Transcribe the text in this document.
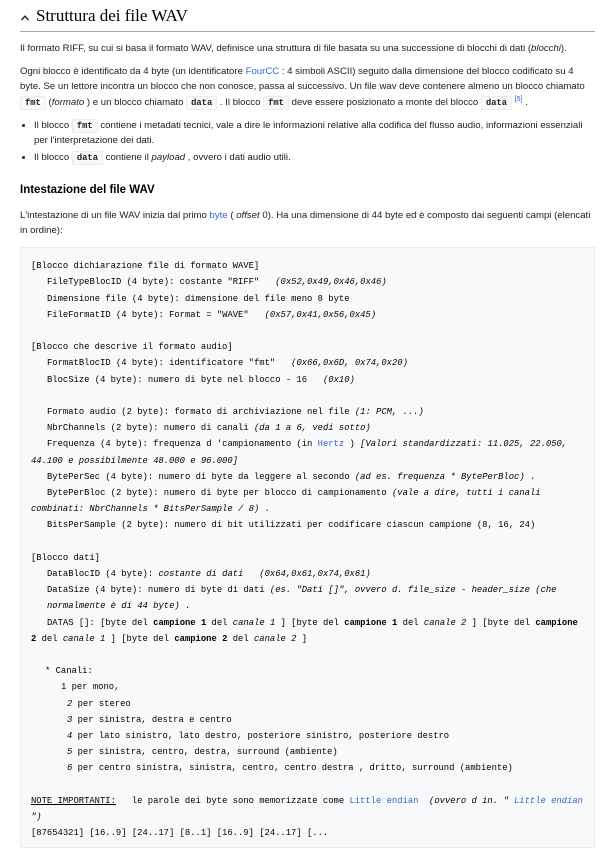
Struttura dei file WAV

Il formato RIFF, su cui si basa il formato WAV, definisce una struttura di file basata su una successione di blocchi di dati (blocchi).

Ogni blocco è identificato da 4 byte (un identificatore FourCC : 4 simboli ASCII) seguito dalla dimensione del blocco codificato su 4 byte. Se un lettore incontra un blocco che non conosce, passa al successivo. Un file wav deve contenere almeno un blocco chiamato fmt (formato ) e un blocco chiamato data . Il blocco fmt deve essere posizionato a monte del blocco data [5] .

• Il blocco fmt contiene i metadati tecnici, vale a dire le informazioni relative alla codifica del flusso audio, informazioni essenziali per l'interpretazione dei dati.
• Il blocco data contiene il payload , ovvero i dati audio utili.
Intestazione del file WAV

L'intestazione di un file WAV inizia dal primo byte ( offset 0). Ha una dimensione di 44 byte ed è composto dai seguenti campi (elencati in ordine):

[Blocco dichiarazione file di formato WAVE]
FileTypeBlocID (4 byte): costante "RIFF"   (0x52,0x49,0x46,0x46)
Dimensione file (4 byte): dimensione del file meno 8 byte
FileFormatID (4 byte): Format = "WAVE"   (0x57,0x41,0x56,0x45)
[Blocco che descrive il formato audio]
FormatBlocID (4 byte): identificatore "fmt"   (0x66,0x6D, 0x74,0x20)
BlocSize (4 byte): numero di byte nel blocco - 16   (0x10)
Formato audio (2 byte): formato di archiviazione nel file (1: PCM, ...)
NbrChannels (2 byte): numero di canali (da 1 a 6, vedi sotto)
Frequenza (4 byte): frequenza d 'campionamento (in Hertz ) [Valori standardizzati: 11.025, 22.050, 44.100 e possibilmente 48.000 e 96.000]
BytePerSec (4 byte): numero di byte da leggere al secondo (ad es. frequenza * BytePerBloc) .
BytePerBloc (2 byte): numero di byte per blocco di campionamento (vale a dire, tutti i canali combinati: NbrChannels * BitsPerSample / 8) .
BitsPerSample (2 byte): numero di bit utilizzati per codificare ciascun campione (8, 16, 24)
[Blocco dati]
DataBlocID (4 byte): costante di dati   (0x64,0x61,0x74,0x61)
DataSize (4 byte): numero di byte di dati (es. "Dati []", ovvero d. file_size - header_size (che normalmente è di 44 byte) .
DATAS []: [byte del campione 1 del canale 1 ] [byte del campione 1 del canale 2 ] [byte del campione 2 del canale 1 ] [byte del campione 2 del canale 2 ]
* Canali:
1 per mono,
2 per stereo
3 per sinistra, destra e centro
4 per lato sinistro, lato destro, posteriore sinistro, posteriore destro
5 per sinistra, centro, destra, surround (ambiente)
6 per centro sinistra, sinistra, centro, centro destra , dritto, surround (ambiente)
NOTE IMPORTANTI:   le parole dei byte sono memorizzate come Little endian  (ovvero d in. " Little endian ")
[87654321] [16..9] [24..17] [8..1] [16..9] [24..17] [...
